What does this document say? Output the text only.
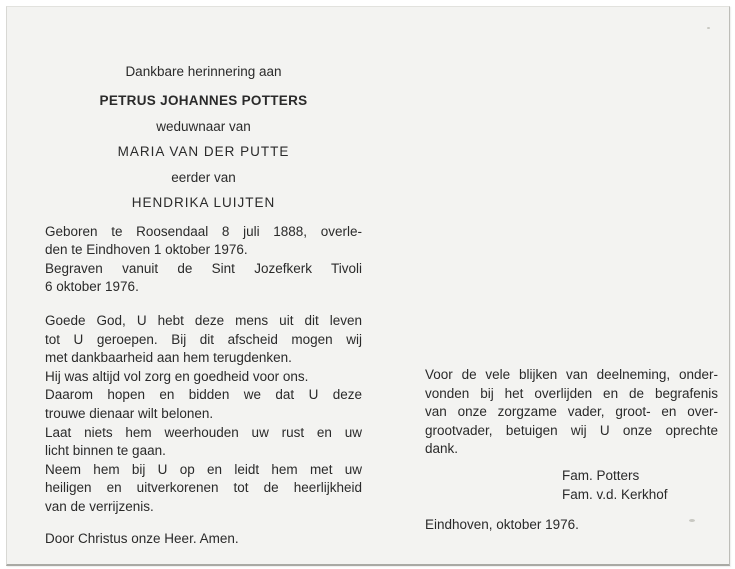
Dankbare herinnering aan
PETRUS JOHANNES POTTERS
weduwnaar van
MARIA VAN DER PUTTE
eerder van
HENDRIKA LUIJTEN
Geboren te Roosendaal 8 juli 1888, overle-
den te Eindhoven 1 oktober 1976.
Begraven vanuit de Sint Jozefkerk Tivoli
6 oktober 1976.
Goede God, U hebt deze mens uit dit leven
tot U geroepen. Bij dit afscheid mogen wij
met dankbaarheid aan hem terugdenken.
Hij was altijd vol zorg en goedheid voor ons.
Daarom hopen en bidden we dat U deze
trouwe dienaar wilt belonen.
Laat niets hem weerhouden uw rust en uw
licht binnen te gaan.
Neem hem bij U op en leidt hem met uw
heiligen en uitverkorenen tot de heerlijkheid
van de verrijzenis.
Door Christus onze Heer. Amen.
Voor de vele blijken van deelneming, onder-
vonden bij het overlijden en de begrafenis
van onze zorgzame vader, groot- en over-
grootvader, betuigen wij U onze oprechte
dank.
Fam. Potters
Fam. v.d. Kerkhof
Eindhoven, oktober 1976.
